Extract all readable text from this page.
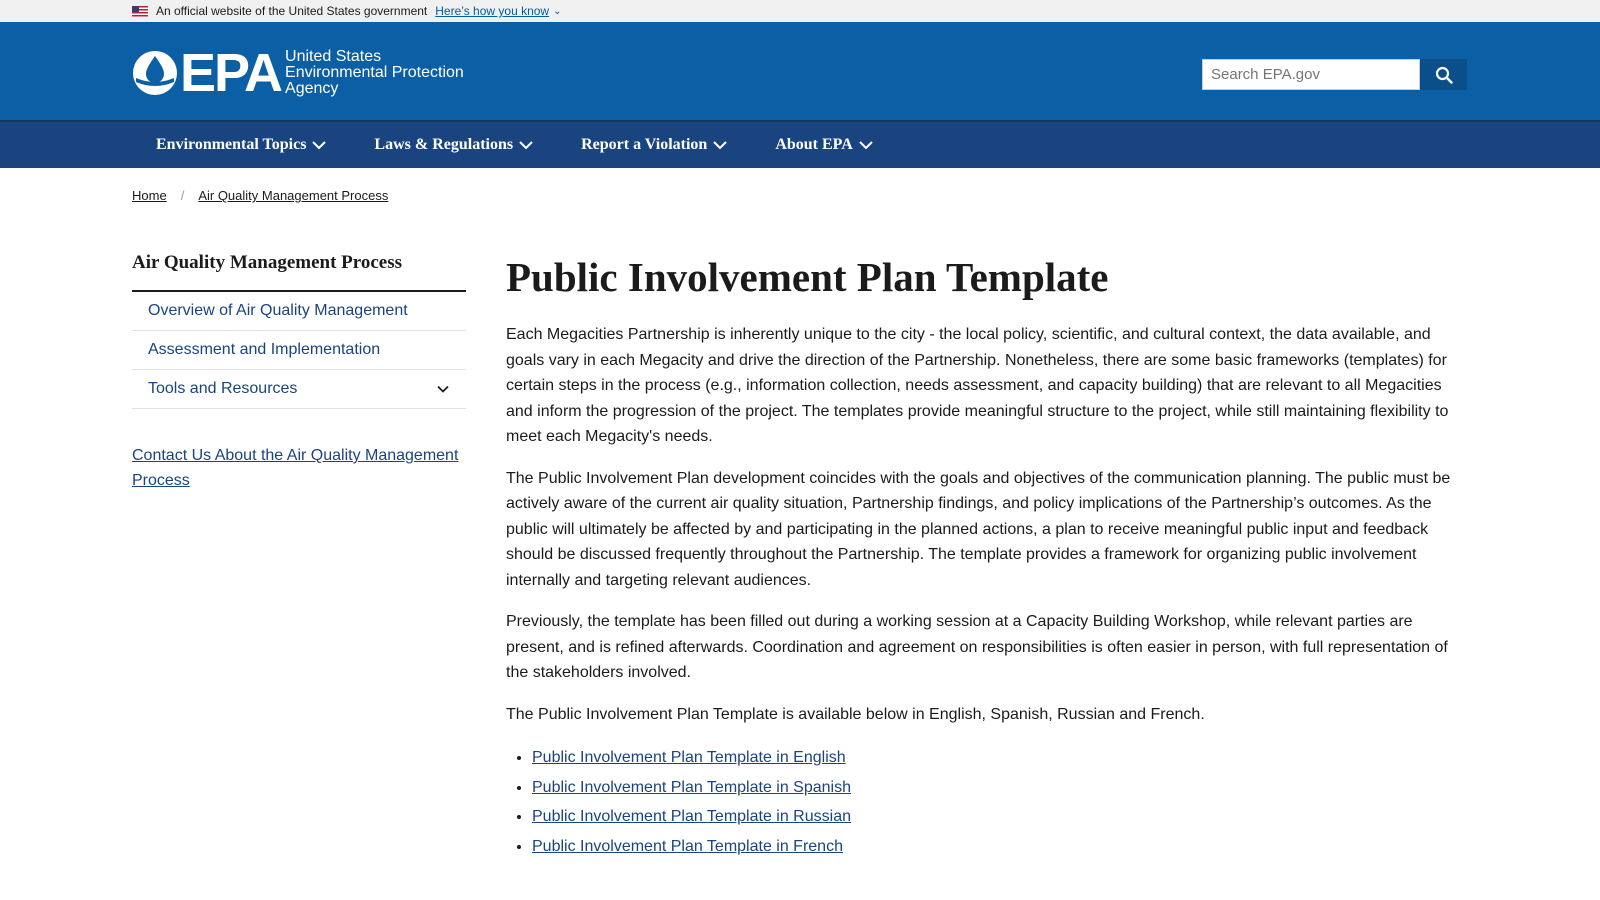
An official website of the United States government Here’s how you know ⌄
EPA United States
Environmental Protection
Agency
Search EPA.gov
Environmental Topics	Laws & Regulations	Report a Violation	About EPA
Home / Air Quality Management Process
Air Quality Management Process
Overview of Air Quality Management
Assessment and Implementation
Tools and Resources
Contact Us About the Air Quality Management Process
Public Involvement Plan Template

Each Megacities Partnership is inherently unique to the city - the local policy, scientific, and cultural context, the data available, and goals vary in each Megacity and drive the direction of the Partnership. Nonetheless, there are some basic frameworks (templates) for certain steps in the process (e.g., information collection, needs assessment, and capacity building) that are relevant to all Megacities and inform the progression of the project. The templates provide meaningful structure to the project, while still maintaining flexibility to meet each Megacity's needs.

The Public Involvement Plan development coincides with the goals and objectives of the communication planning. The public must be actively aware of the current air quality situation, Partnership findings, and policy implications of the Partnership’s outcomes. As the public will ultimately be affected by and participating in the planned actions, a plan to receive meaningful public input and feedback should be discussed frequently throughout the Partnership. The template provides a framework for organizing public involvement internally and targeting relevant audiences.

Previously, the template has been filled out during a working session at a Capacity Building Workshop, while relevant parties are present, and is refined afterwards. Coordination and agreement on responsibilities is often easier in person, with full representation of the stakeholders involved.

The Public Involvement Plan Template is available below in English, Spanish, Russian and French.

• Public Involvement Plan Template in English
• Public Involvement Plan Template in Spanish
• Public Involvement Plan Template in Russian
• Public Involvement Plan Template in French
